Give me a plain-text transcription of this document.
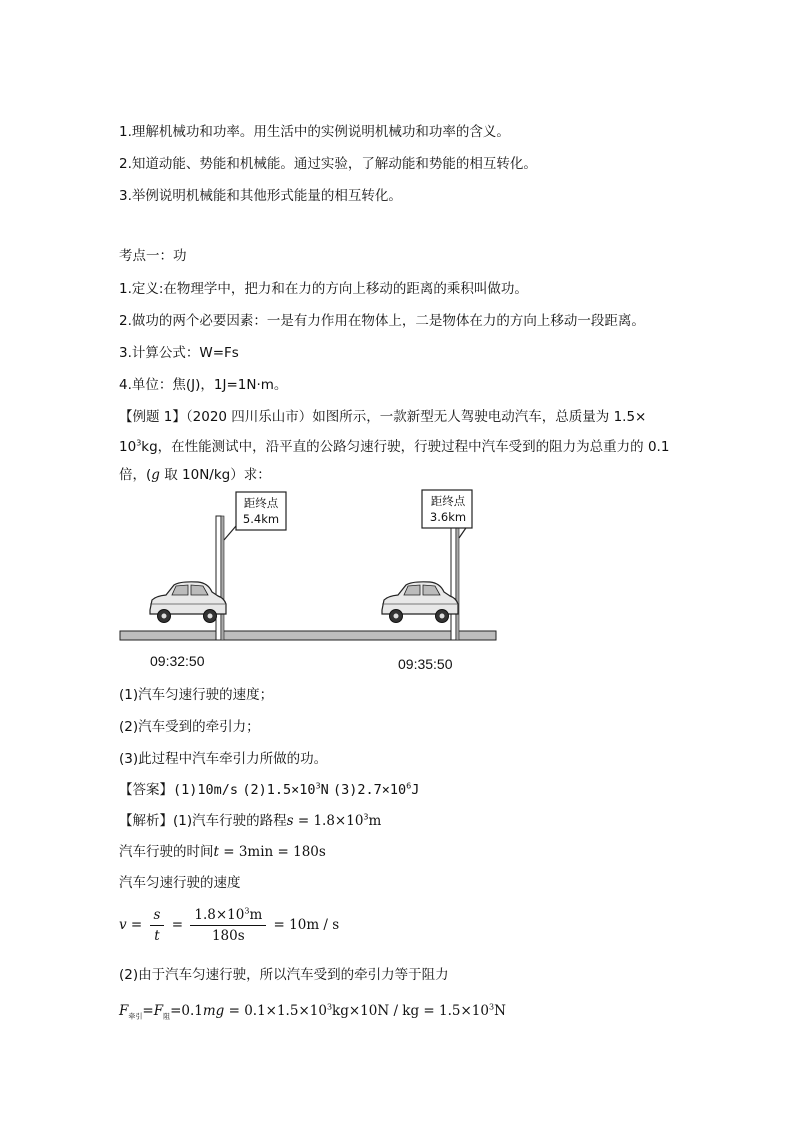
1.理解机械功和功率。用生活中的实例说明机械功和功率的含义。
2.知道动能、势能和机械能。通过实验，了解动能和势能的相互转化。
3.举例说明机械能和其他形式能量的相互转化。
考点一：功
1.定义:在物理学中，把力和在力的方向上移动的距离的乘积叫做功。
2.做功的两个必要因素：一是有力作用在物体上，二是物体在力的方向上移动一段距离。
3.计算公式：W=Fs
4.单位：焦(J)，1J=1N·m。
【例题 1】（2020 四川乐山市）如图所示，一款新型无人驾驶电动汽车，总质量为 1.5×
$10^3kg$，在性能测试中，沿平直的公路匀速行驶，行驶过程中汽车受到的阻力为总重力的 0.1
倍，(g 取 10N/kg）求：
距终点
5.4km
距终点
3.6km
09:32:50	09:35:50
(1)汽车匀速行驶的速度；
(2)汽车受到的牵引力；
(3)此过程中汽车牵引力所做的功。
【答案】(1)10m/s $(2)1.5\times 10^3N$ $(3)2.7\times 10^6J$
【解析】(1)汽车行驶的路程$s = 1.8\times 10^3m$
汽车行驶的时间t = 3min = 180s
汽车匀速行驶的速度
$v = \frac{s}{t} = \frac{1.8\times 10^3m}{180s} = 10m / s$
(2)由于汽车匀速行驶，所以汽车受到的牵引力等于阻力
$F_{牵引}=F_阻=0.1mg = 0.1\times 1.5\times 10^3kg\times 10N$ / kg = $1.5\times 10^3N$
